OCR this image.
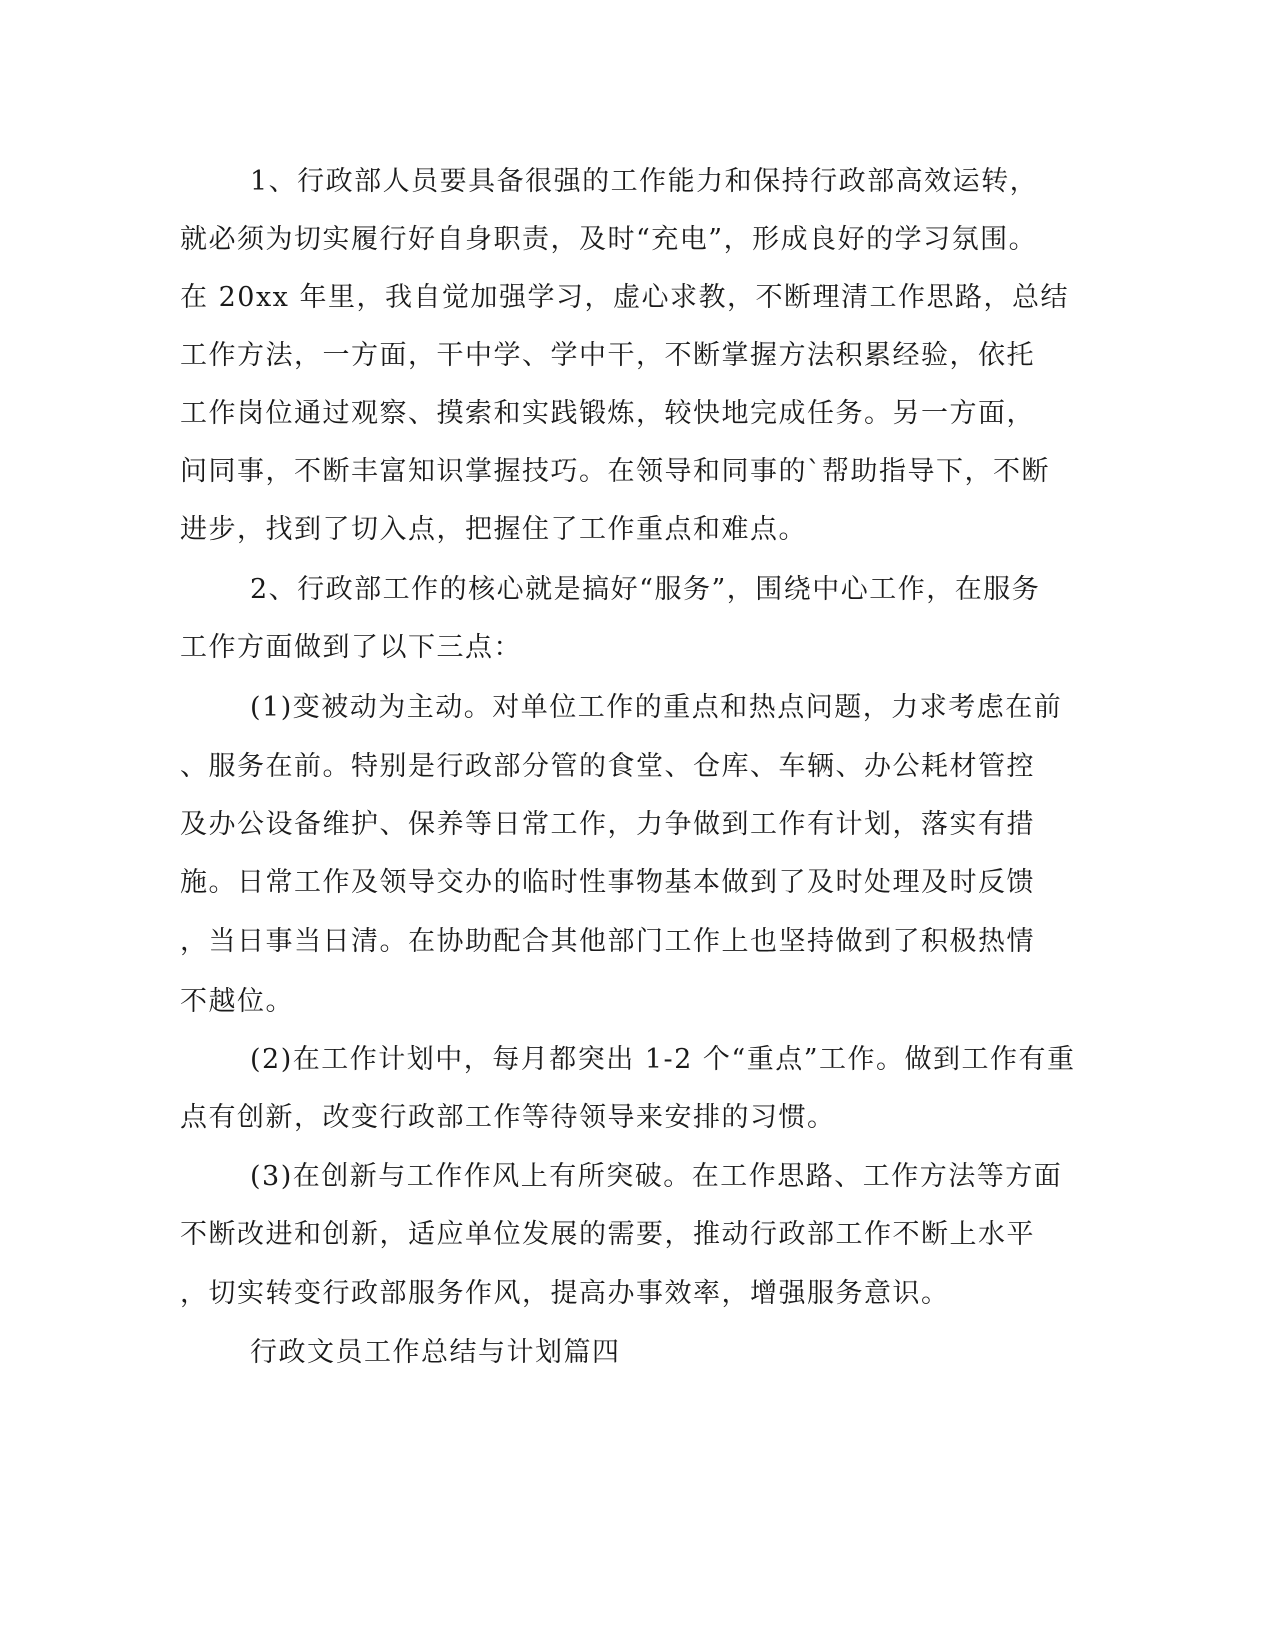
1、行政部人员要具备很强的工作能力和保持行政部高效运转，
就必须为切实履行好自身职责，及时“充电”，形成良好的学习氛围。
在 20xx 年里，我自觉加强学习，虚心求教，不断理清工作思路，总结
工作方法，一方面，干中学、学中干，不断掌握方法积累经验，依托
工作岗位通过观察、摸索和实践锻炼，较快地完成任务。另一方面，
问同事，不断丰富知识掌握技巧。在领导和同事的`帮助指导下，不断
进步，找到了切入点，把握住了工作重点和难点。
2、行政部工作的核心就是搞好“服务”，围绕中心工作，在服务
工作方面做到了以下三点：
(1)变被动为主动。对单位工作的重点和热点问题，力求考虑在前
、服务在前。特别是行政部分管的食堂、仓库、车辆、办公耗材管控
及办公设备维护、保养等日常工作，力争做到工作有计划，落实有措
施。日常工作及领导交办的临时性事物基本做到了及时处理及时反馈
，当日事当日清。在协助配合其他部门工作上也坚持做到了积极热情
不越位。
(2)在工作计划中，每月都突出 1-2 个“重点”工作。做到工作有重
点有创新，改变行政部工作等待领导来安排的习惯。
(3)在创新与工作作风上有所突破。在工作思路、工作方法等方面
不断改进和创新，适应单位发展的需要，推动行政部工作不断上水平
，切实转变行政部服务作风，提高办事效率，增强服务意识。
行政文员工作总结与计划篇四
